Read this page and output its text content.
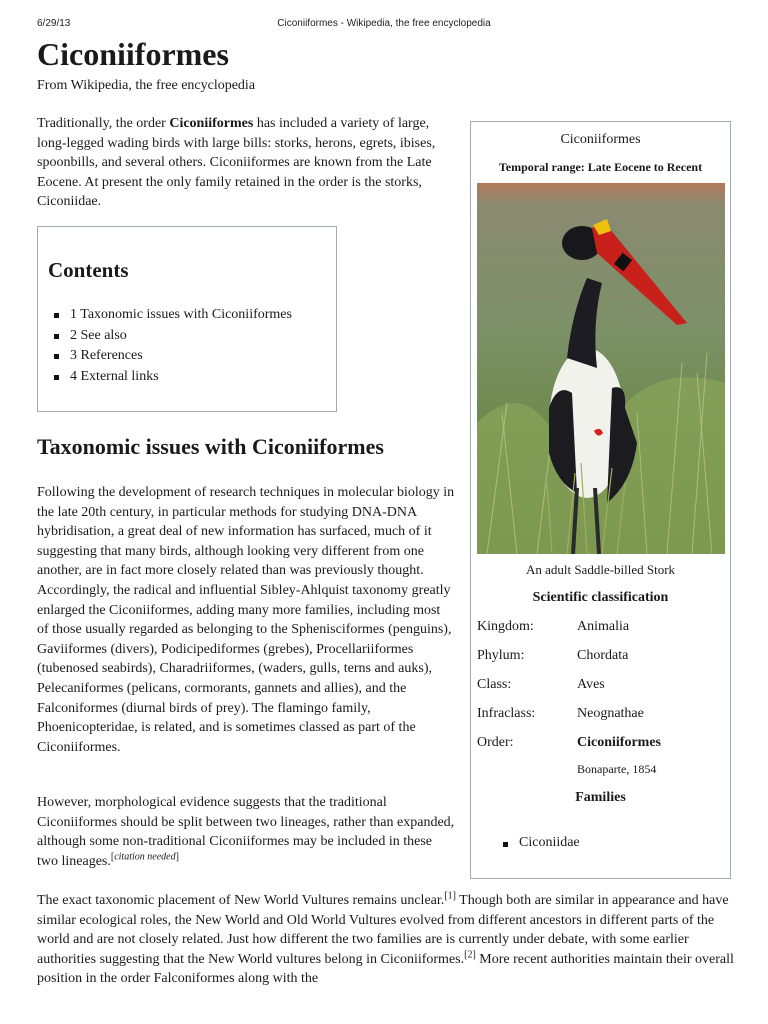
6/29/13	Ciconiiformes - Wikipedia, the free encyclopedia
Ciconiiformes
From Wikipedia, the free encyclopedia
Traditionally, the order Ciconiiformes has included a variety of large, long-legged wading birds with large bills: storks, herons, egrets, ibises, spoonbills, and several others. Ciconiiformes are known from the Late Eocene. At present the only family retained in the order is the storks, Ciconiidae.
Contents
1 Taxonomic issues with Ciconiiformes
2 See also
3 References
4 External links
Taxonomic issues with Ciconiiformes
Following the development of research techniques in molecular biology in the late 20th century, in particular methods for studying DNA-DNA hybridisation, a great deal of new information has surfaced, much of it suggesting that many birds, although looking very different from one another, are in fact more closely related than was previously thought. Accordingly, the radical and influential Sibley-Ahlquist taxonomy greatly enlarged the Ciconiiformes, adding many more families, including most of those usually regarded as belonging to the Sphenisciformes (penguins), Gaviiformes (divers), Podicipediformes (grebes), Procellariiformes (tubenosed seabirds), Charadriiformes, (waders, gulls, terns and auks), Pelecaniformes (pelicans, cormorants, gannets and allies), and the Falconiformes (diurnal birds of prey). The flamingo family, Phoenicopteridae, is related, and is sometimes classed as part of the Ciconiiformes.
However, morphological evidence suggests that the traditional Ciconiiformes should be split between two lineages, rather than expanded, although some non-traditional Ciconiiformes may be included in these two lineages.[citation needed]
The exact taxonomic placement of New World Vultures remains unclear.[1] Though both are similar in appearance and have similar ecological roles, the New World and Old World Vultures evolved from different ancestors in different parts of the world and are not closely related. Just how different the two families are is currently under debate, with some earlier authorities suggesting that the New World vultures belong in Ciconiiformes.[2] More recent authorities maintain their overall position in the order Falconiformes along with the
Ciconiiformes
Temporal range: Late Eocene to Recent
An adult Saddle-billed Stork
Scientific classification
Kingdom:	Animalia
Phylum:	Chordata
Class:	Aves
Infraclass:	Neognathae
Order:	Ciconiiformes
Bonaparte, 1854
Families
Ciconiidae
